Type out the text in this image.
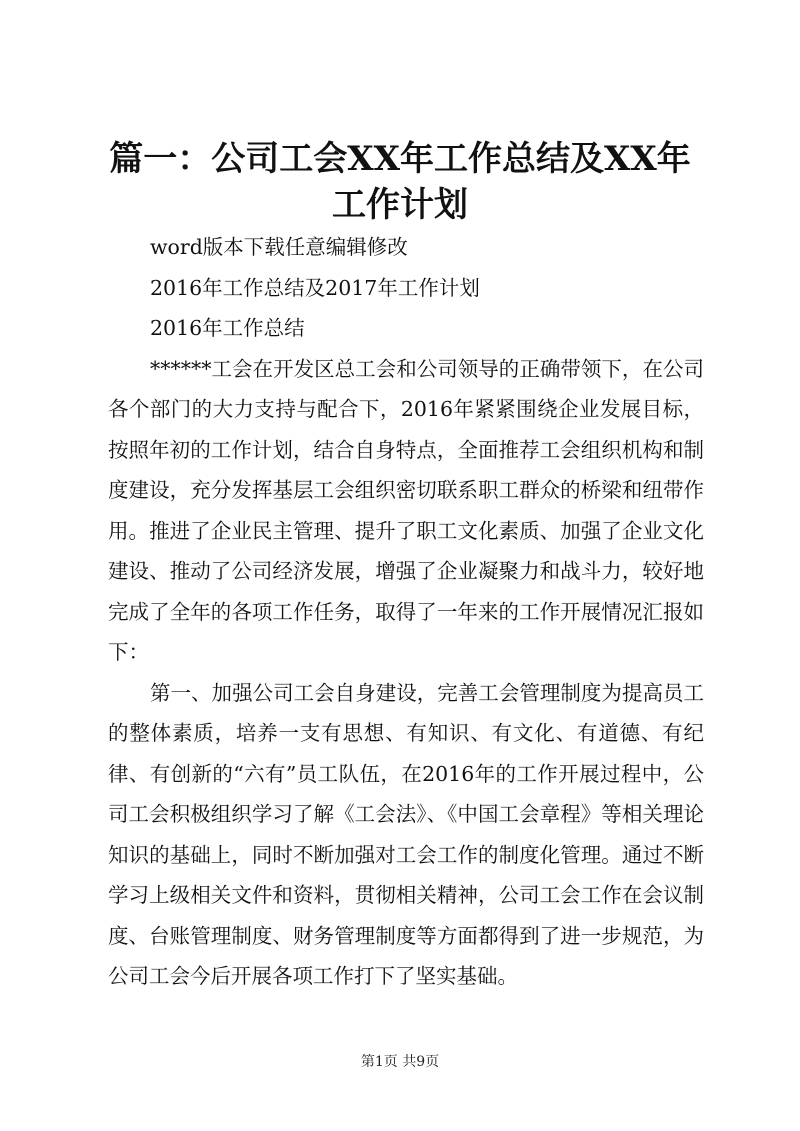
篇一：公司工会XX年工作总结及XX年工作计划

word版本下载任意编辑修改

2016年工作总结及2017年工作计划

2016年工作总结

******工会在开发区总工会和公司领导的正确带领下，在公司各个部门的大力支持与配合下，2016年紧紧围绕企业发展目标，按照年初的工作计划，结合自身特点，全面推荐工会组织机构和制度建设，充分发挥基层工会组织密切联系职工群众的桥梁和纽带作用。推进了企业民主管理、提升了职工文化素质、加强了企业文化建设、推动了公司经济发展，增强了企业凝聚力和战斗力，较好地完成了全年的各项工作任务，取得了一年来的工作开展情况汇报如下：

第一、加强公司工会自身建设，完善工会管理制度为提高员工的整体素质，培养一支有思想、有知识、有文化、有道德、有纪律、有创新的“六有”员工队伍，在2016年的工作开展过程中，公司工会积极组织学习了解《工会法》、《中国工会章程》等相关理论知识的基础上，同时不断加强对工会工作的制度化管理。通过不断学习上级相关文件和资料，贯彻相关精神，公司工会工作在会议制度、台账管理制度、财务管理制度等方面都得到了进一步规范，为公司工会今后开展各项工作打下了坚实基础。

第1页 共9页
